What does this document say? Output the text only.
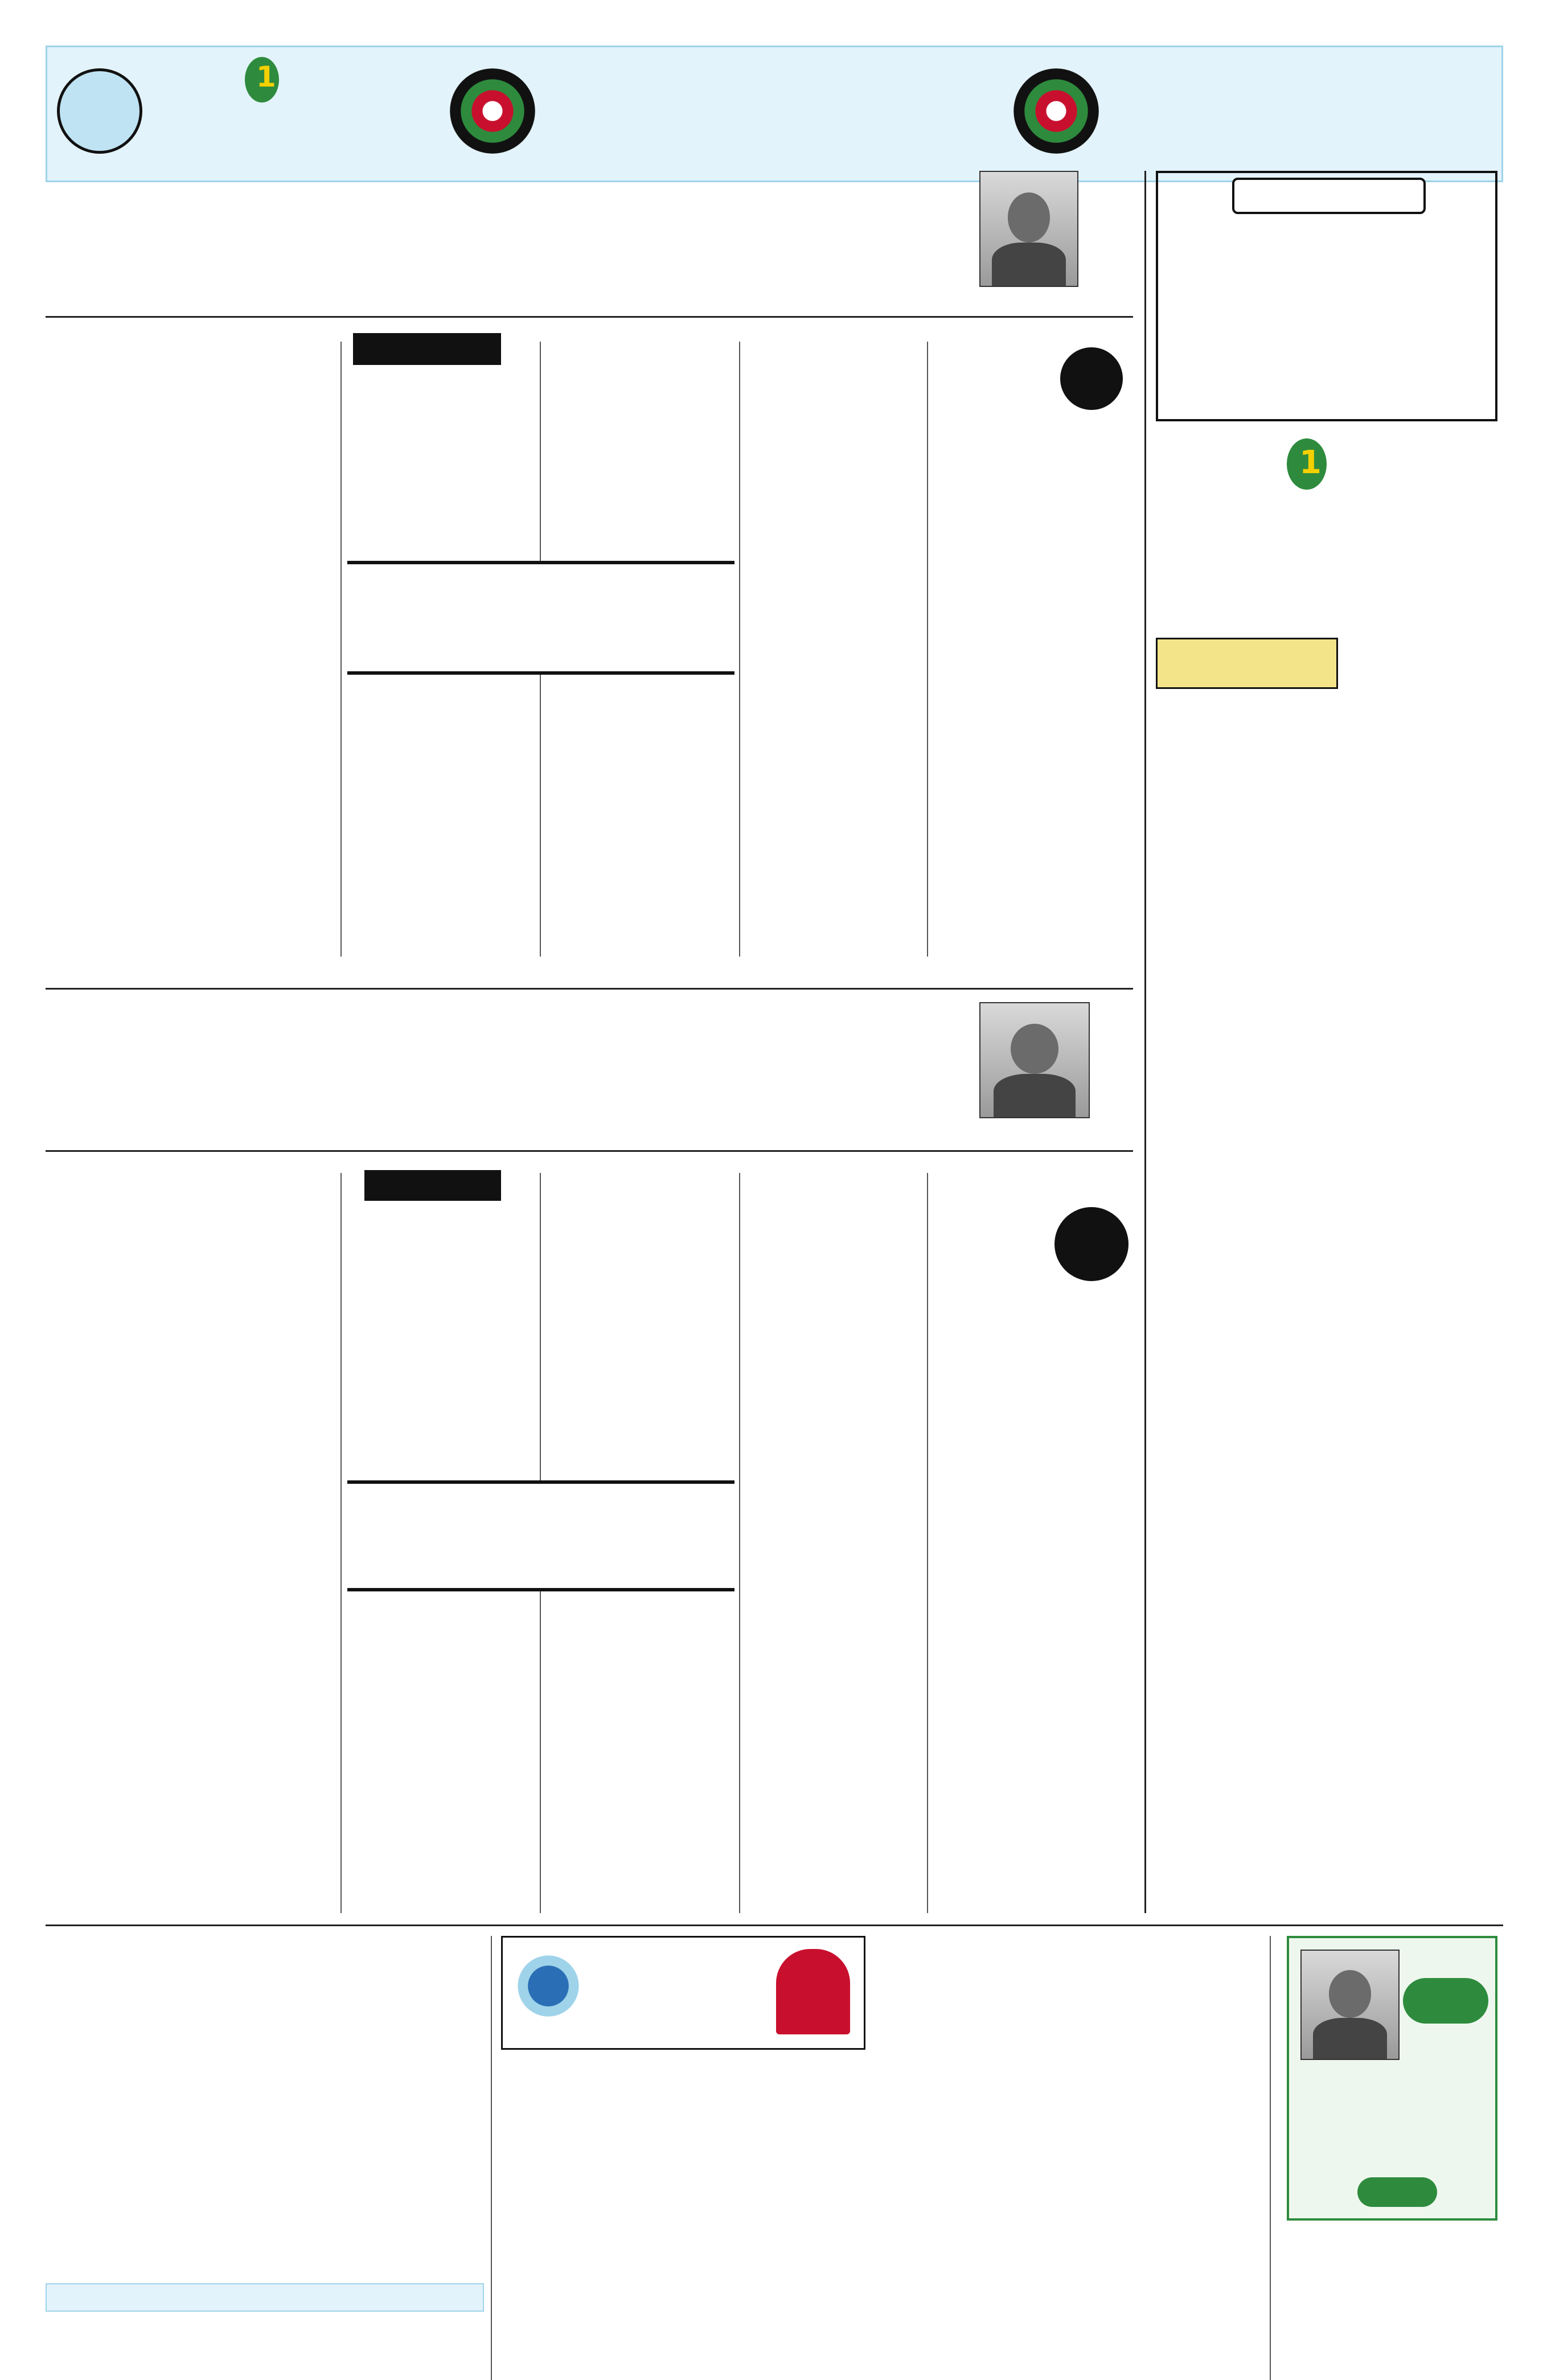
1
1
